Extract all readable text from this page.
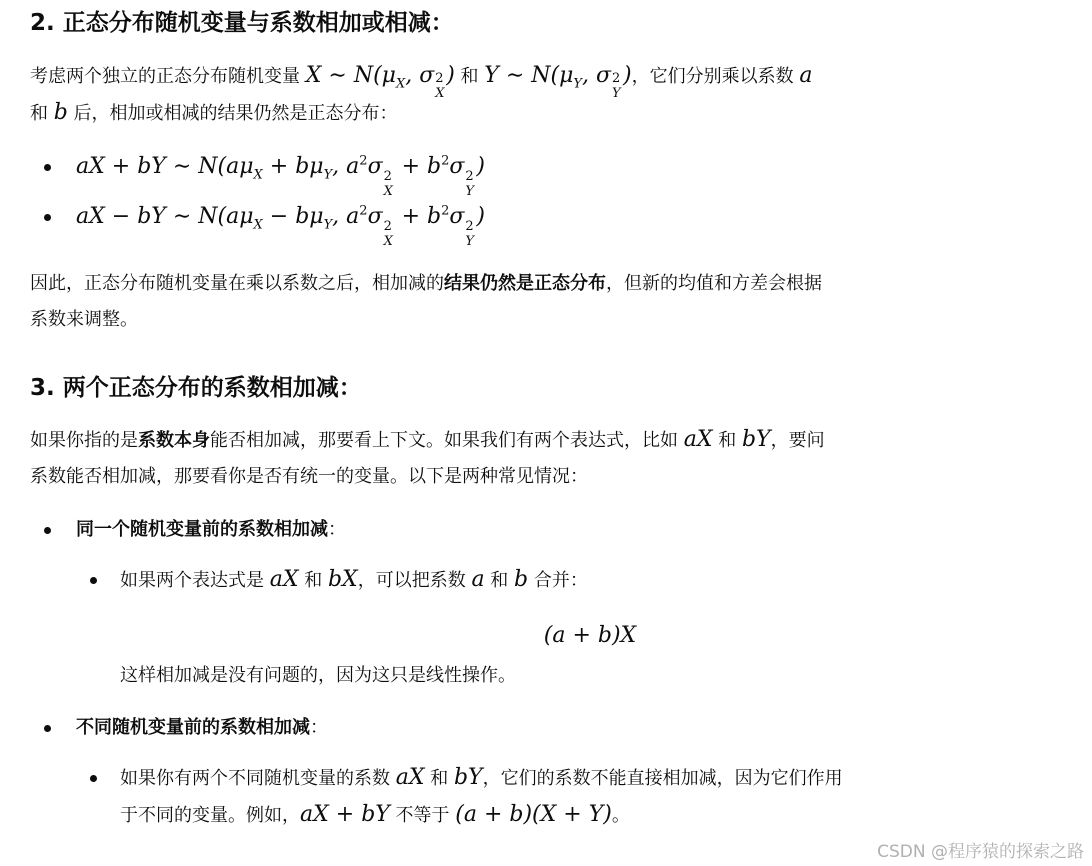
2. 正态分布随机变量与系数相加或相减：

考虑两个独立的正态分布随机变量 X ∼ $N(\mu_X$, σ 2
X
) 和 Y ∼ $N(\mu_Y$, σ 2
Y
)，它们分别乘以系数 a
和 b 后，相加或相减的结果仍然是正态分布：

aX + bY ∼ $N(a\mu_X + b\mu_Y$, $a^2\sigma$ 2
X
+ $b^2\sigma$ 2
Y
)
aX − bY ∼ $N(a\mu_X - b\mu_Y$, $a^2\sigma$ 2
X
+ $b^2\sigma$ 2
Y
)

因此，正态分布随机变量在乘以系数之后，相加减的结果仍然是正态分布，但新的均值和方差会根据
系数来调整。

3. 两个正态分布的系数相加减：

如果你指的是系数本身能否相加减，那要看上下文。如果我们有两个表达式，比如 aX 和 bY，要问
系数能否相加减，那要看你是否有统一的变量。以下是两种常见情况：

同一个随机变量前的系数相加减：
如果两个表达式是 aX 和 bX，可以把系数 a 和 b 合并：
(a + b)X
这样相加减是没有问题的，因为这只是线性操作。
不同随机变量前的系数相加减：
如果你有两个不同随机变量的系数 aX 和 bY，它们的系数不能直接相加减，因为它们作用
于不同的变量。例如，aX + bY 不等于 (a + b)(X + Y)。
CSDN @程序猿的探索之路
